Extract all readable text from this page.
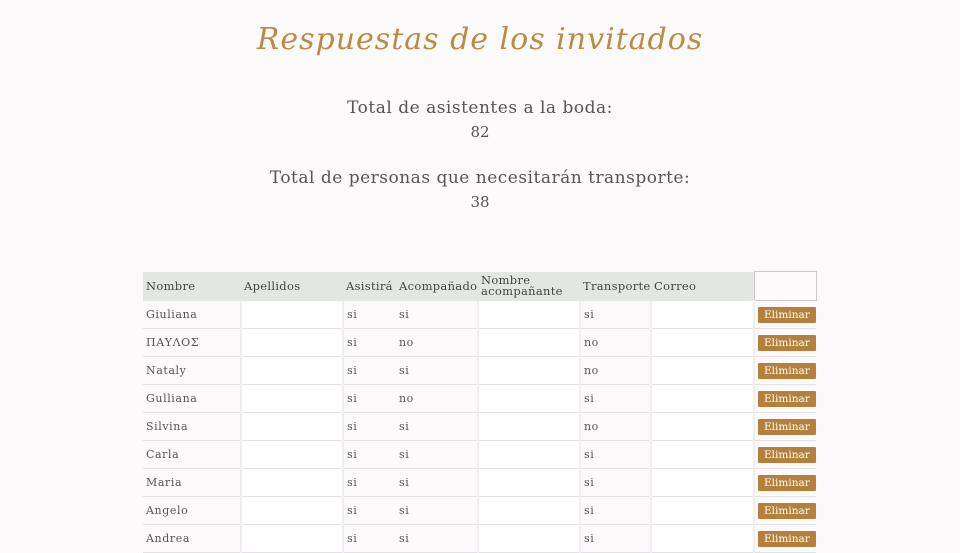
Respuestas de los invitados
Total de asistentes a la boda:
82
Total de personas que necesitarán transporte:
38
Nombre	Apellidos	Asistirá	Acompañado	Nombre acompañante	Transporte	Correo	
Giuliana		si	si		si		Eliminar
ΠΑΥΛΟΣ		si	no		no		Eliminar
Nataly		si	si		no		Eliminar
Gulliana		si	no		si		Eliminar
Silvina		si	si		no		Eliminar
Carla		si	si		si		Eliminar
Maria		si	si		si		Eliminar
Angelo		si	si		si		Eliminar
Andrea		si	si		si		Eliminar
